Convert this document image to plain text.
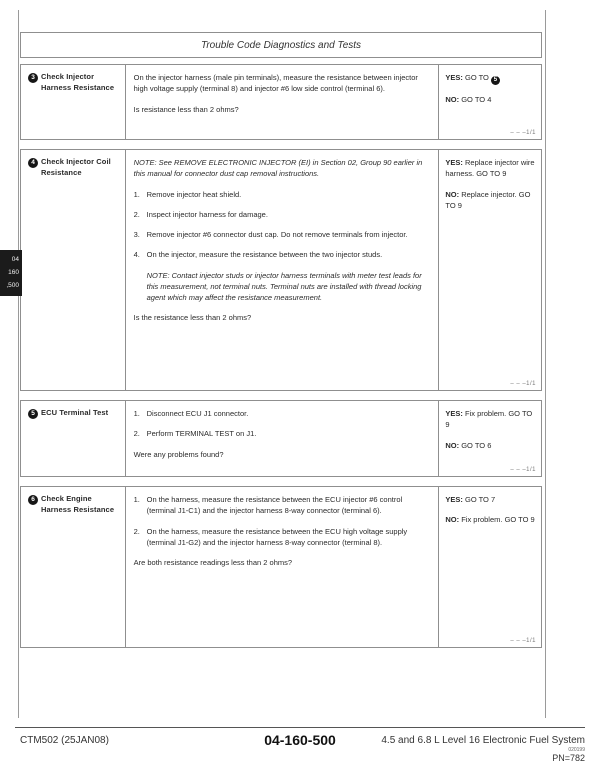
Trouble Code Diagnostics and Tests
3 Check Injector Harness Resistance

On the injector harness (male pin terminals), measure the resistance between injector high voltage supply (terminal 8) and injector #6 low side control (terminal 6).

Is resistance less than 2 ohms?

YES: GO TO 5

NO: GO TO 4

– – –1/1
4 Check Injector Coil Resistance

NOTE: See REMOVE ELECTRONIC INJECTOR (EI) in Section 02, Group 90 earlier in this manual for connector dust cap removal instructions.

1. Remove injector heat shield.
2. Inspect injector harness for damage.
3. Remove injector #6 connector dust cap. Do not remove terminals from injector.
4. On the injector, measure the resistance between the two injector studs.

NOTE: Contact injector studs or injector harness terminals with meter test leads for this measurement, not terminal nuts. Terminal nuts are installed with thread locking agent which may affect the resistance measurement.

Is the resistance less than 2 ohms?

YES: Replace injector wire harness. GO TO 9

NO: Replace injector. GO TO 9

– – –1/1
5 ECU Terminal Test	1. Disconnect ECU J1 connector.
2. Perform TERMINAL TEST on J1.

Were any problems found?

YES: Fix problem. GO TO 9

NO: GO TO 6

– – –1/1
6 Check Engine Harness Resistance
1. On the harness, measure the resistance between the ECU injector #6 control (terminal J1-C1) and the injector harness 8-way connector (terminal 6).
2. On the harness, measure the resistance between the ECU high voltage supply (terminal J1-G2) and the injector harness 8-way connector (terminal 8).

Are both resistance readings less than 2 ohms?

YES: GO TO 7

NO: Fix problem. GO TO 9

– – –1/1
04
160
,500
04-160-500
CTM502 (25JAN08)	4.5 and 6.8 L Level 16 Electronic Fuel System
020199
PN=782
